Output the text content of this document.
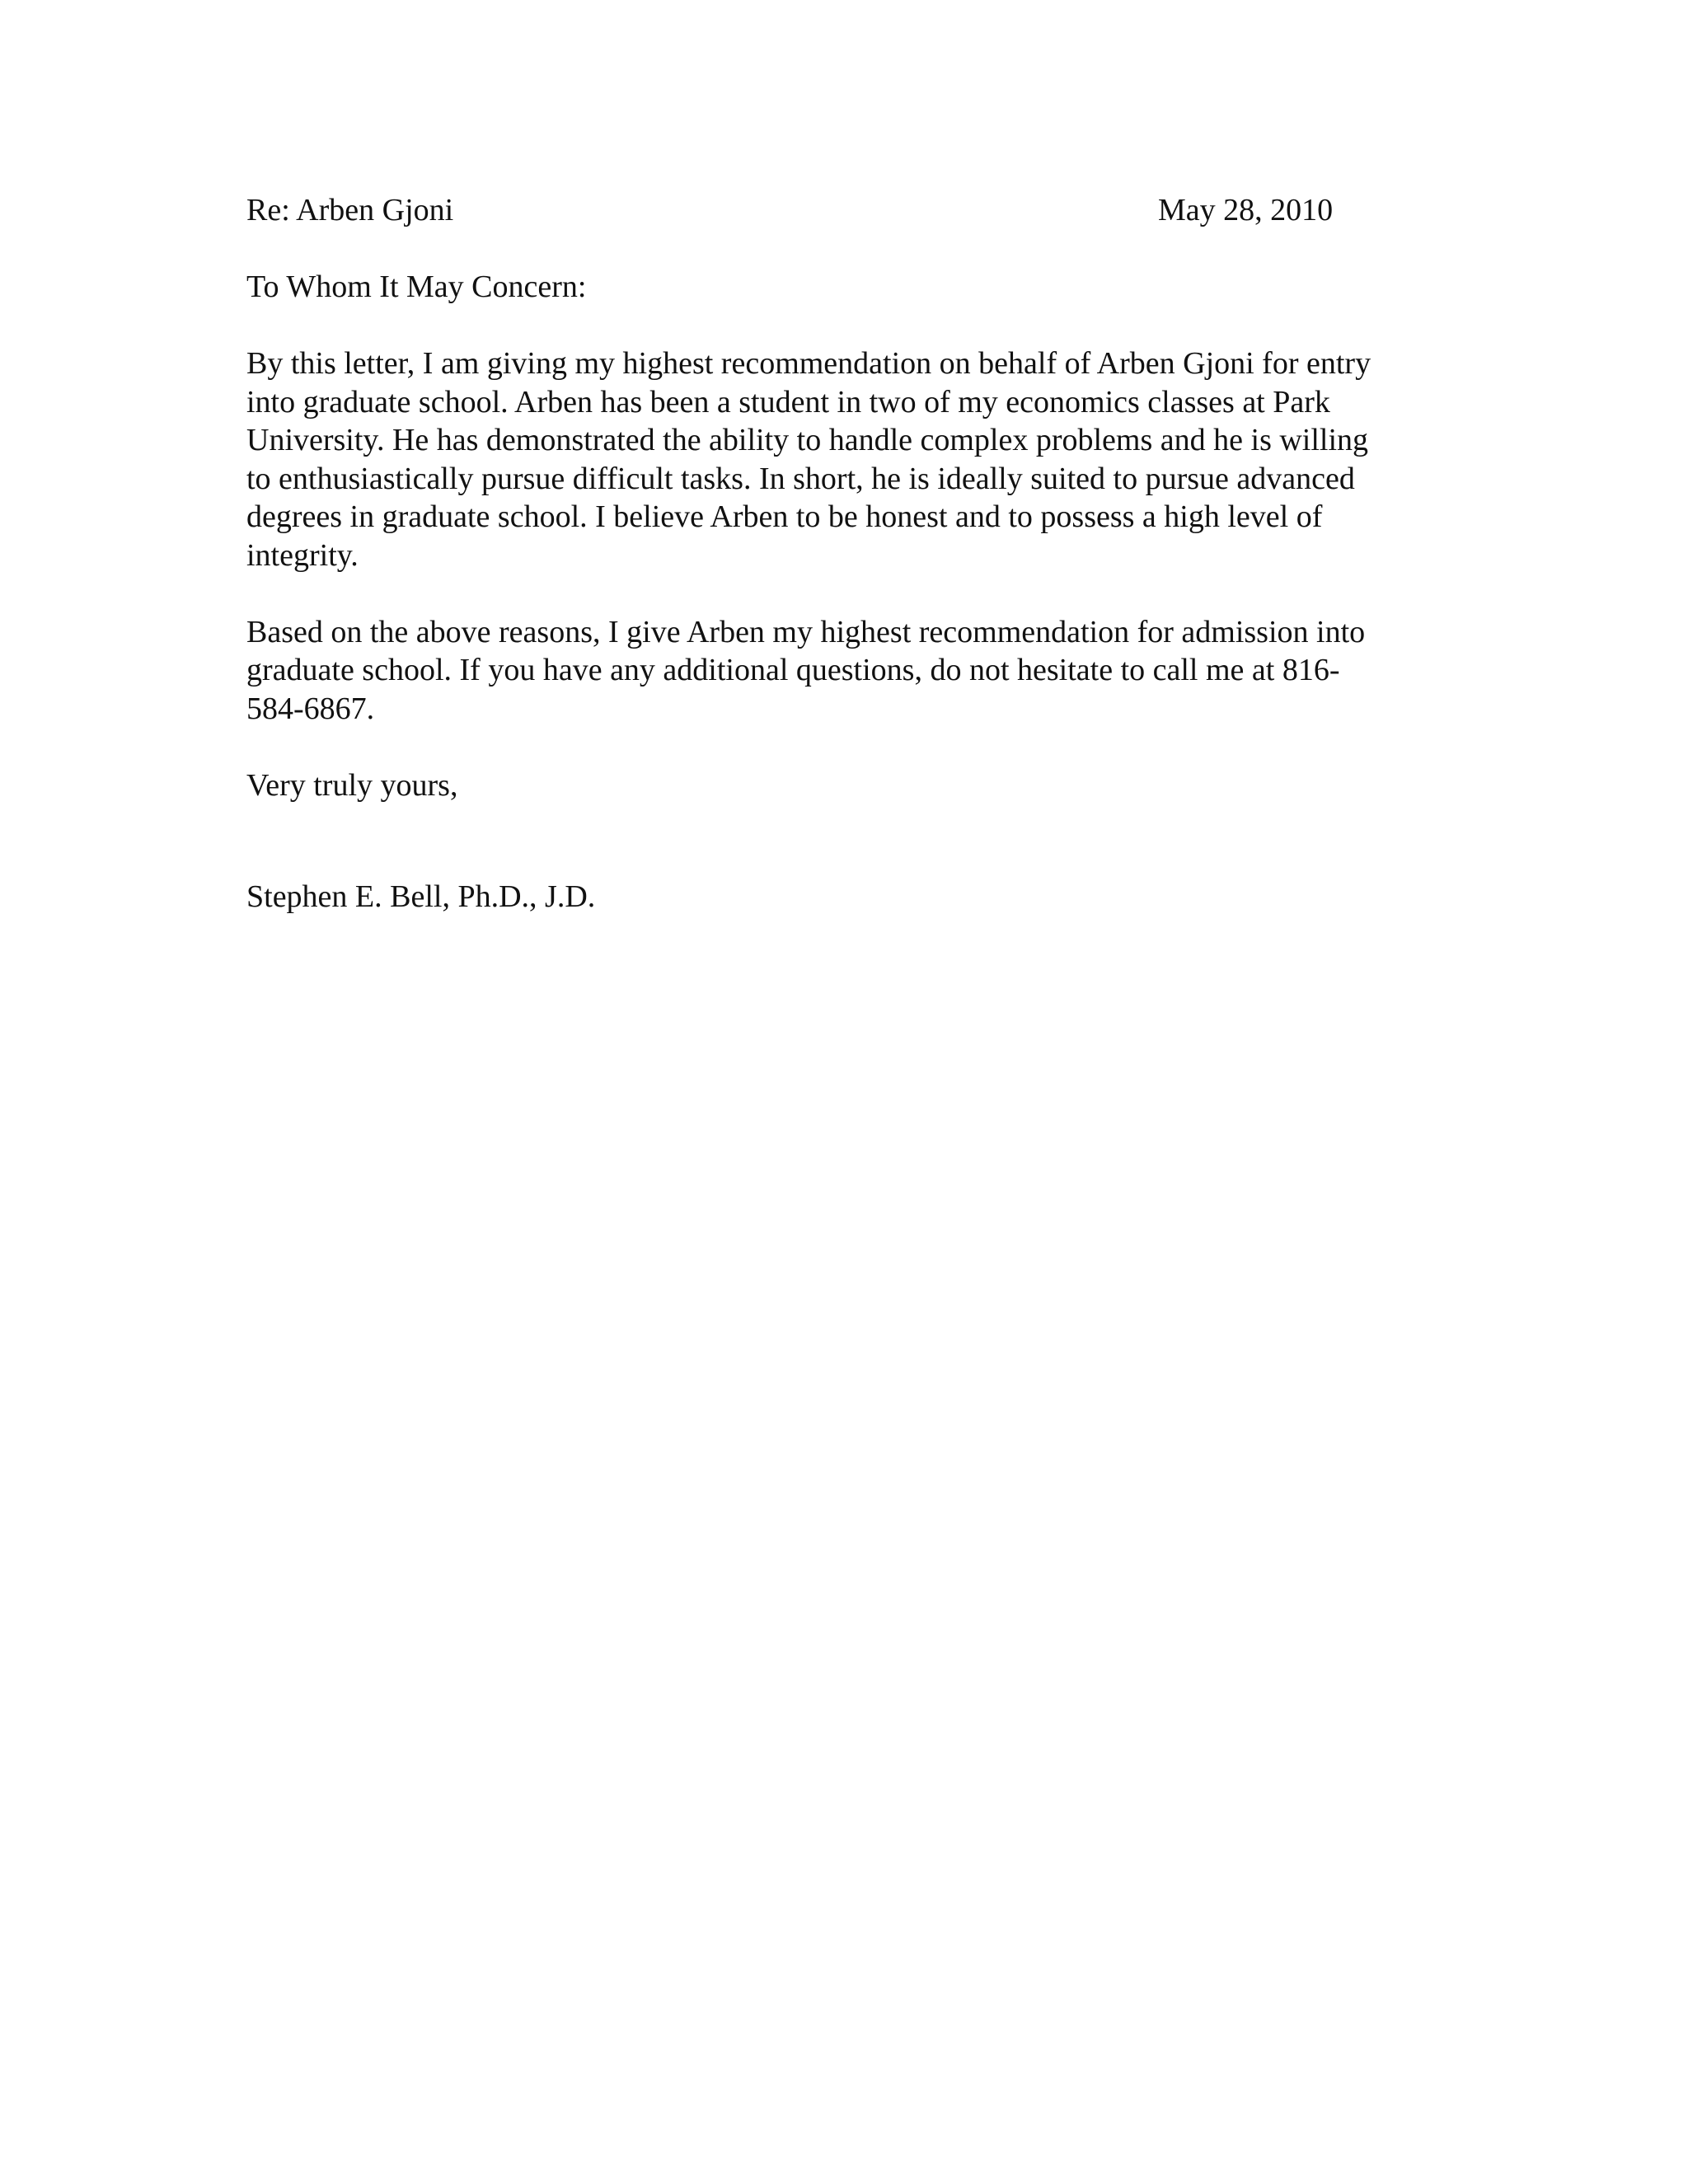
Re: Arben Gjoni	May 28, 2010
To Whom It May Concern:
By this letter, I am giving my highest recommendation on behalf of Arben Gjoni for entry
into graduate school. Arben has been a student in two of my economics classes at Park
University. He has demonstrated the ability to handle complex problems and he is willing
to enthusiastically pursue difficult tasks. In short, he is ideally suited to pursue advanced
degrees in graduate school. I believe Arben to be honest and to possess a high level of
integrity.
Based on the above reasons, I give Arben my highest recommendation for admission into
graduate school. If you have any additional questions, do not hesitate to call me at 816-
584-6867.
Very truly yours,
Stephen E. Bell, Ph.D., J.D.
